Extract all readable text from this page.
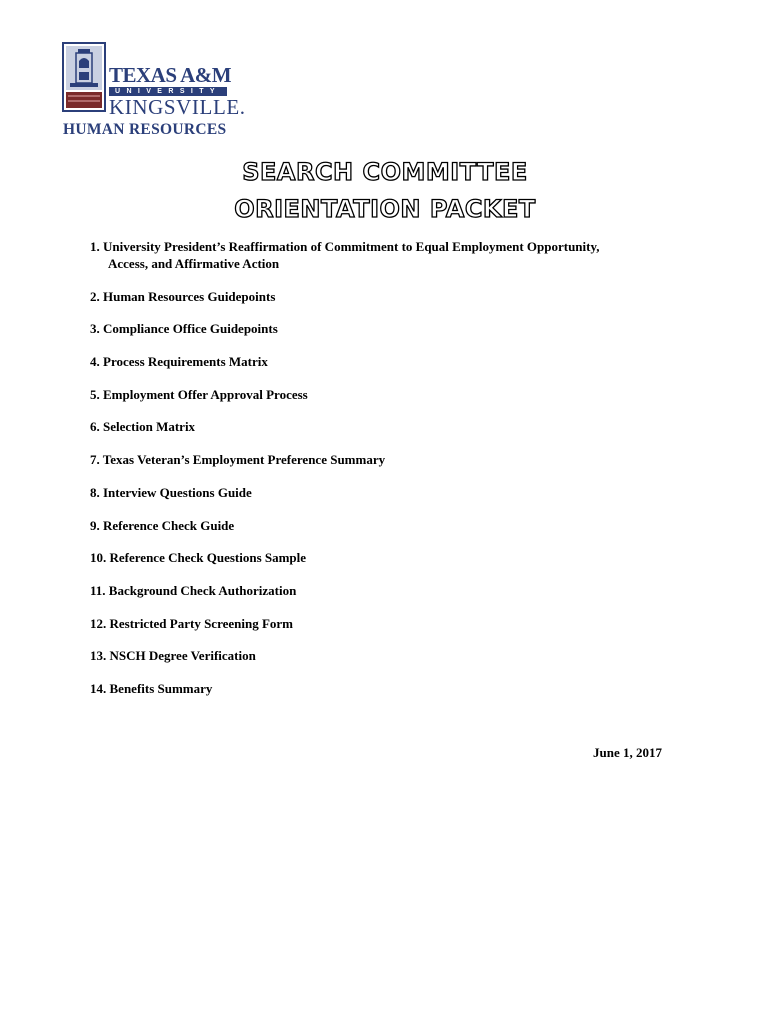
TEXAS A&M
UNIVERSITY
KINGSVILLE.
HUMAN RESOURCES
SEARCH COMMITTEE
ORIENTATION PACKET
1. University President’s Reaffirmation of Commitment to Equal Employment Opportunity,
Access, and Affirmative Action
2. Human Resources Guidepoints
3. Compliance Office Guidepoints
4. Process Requirements Matrix
5. Employment Offer Approval Process
6. Selection Matrix
7. Texas Veteran’s Employment Preference Summary
8. Interview Questions Guide
9. Reference Check Guide
10. Reference Check Questions Sample
11. Background Check Authorization
12. Restricted Party Screening Form
13. NSCH Degree Verification
14. Benefits Summary
June 1, 2017
